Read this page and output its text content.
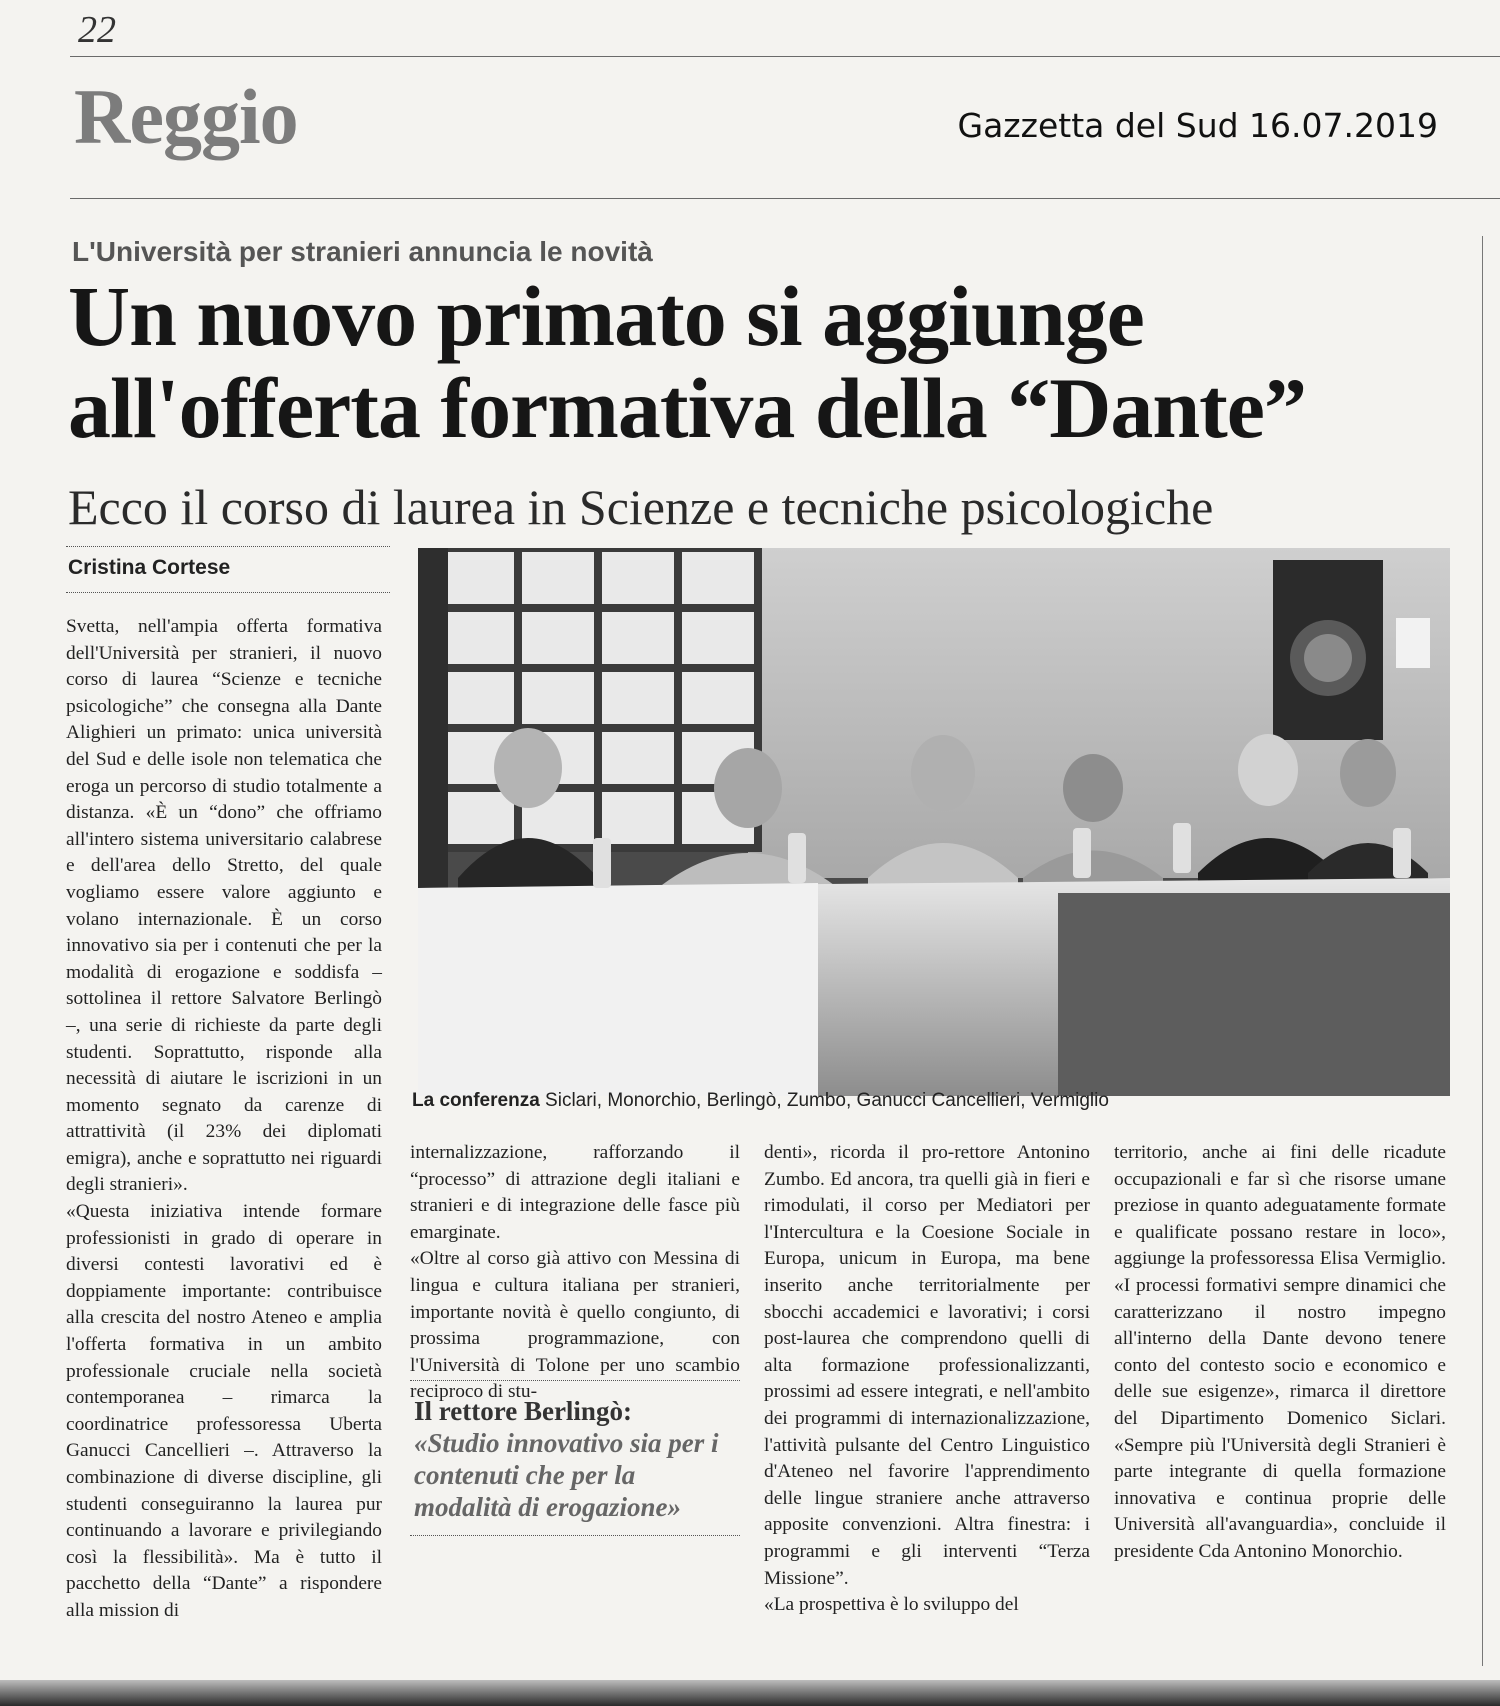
22
Reggio	Gazzetta del Sud 16.07.2019
L'Università per stranieri annuncia le novità
Un nuovo primato si aggiunge
all'offerta formativa della “Dante”
Ecco il corso di laurea in Scienze e tecniche psicologiche
Cristina Cortese
La conferenza Siclari, Monorchio, Berlingò, Zumbo, Ganucci Cancellieri, Vermiglio
Svetta, nell'ampia offerta formativa dell'Università per stranieri, il nuovo corso di laurea “Scienze e tecniche psicologiche” che consegna alla Dante Alighieri un primato: unica università del Sud e delle isole non telematica che eroga un percorso di studio totalmente a distanza. «È un “dono” che offriamo all'intero sistema universitario calabrese e dell'area dello Stretto, del quale vogliamo essere valore aggiunto e volano internazionale. È un corso innovativo sia per i contenuti che per la modalità di erogazione e soddisfa – sottolinea il rettore Salvatore Berlingò –, una serie di richieste da parte degli studenti. Soprattutto, risponde alla necessità di aiutare le iscrizioni in un momento segnato da carenze di attrattività (il 23% dei diplomati emigra), anche e soprattutto nei riguardi degli stranieri».
«Questa iniziativa intende formare professionisti in grado di operare in diversi contesti lavorativi ed è doppiamente importante: contribuisce alla crescita del nostro Ateneo e amplia l'offerta formativa in un ambito professionale cruciale nella società contemporanea – rimarca la coordinatrice professoressa Uberta Ganucci Cancellieri –. Attraverso la combinazione di diverse discipline, gli studenti conseguiranno la laurea pur continuando a lavorare e privilegiando così la flessibilità». Ma è tutto il pacchetto della “Dante” a rispondere alla mission di
internalizzazione, rafforzando il “processo” di attrazione degli italiani e stranieri e di integrazione delle fasce più emarginate.
«Oltre al corso già attivo con Messina di lingua e cultura italiana per stranieri, importante novità è quello congiunto, di prossima programmazione, con l'Università di Tolone per uno scambio reciproco di stu-
denti», ricorda il pro-rettore Antonino Zumbo. Ed ancora, tra quelli già in fieri e rimodulati, il corso per Mediatori per l'Intercultura e la Coesione Sociale in Europa, unicum in Europa, ma bene inserito anche territorialmente per sbocchi accademici e lavorativi; i corsi post-laurea che comprendono quelli di alta formazione professionalizzanti, prossimi ad essere integrati, e nell'ambito dei programmi di internazionalizzazione, l'attività pulsante del Centro Linguistico d'Ateneo nel favorire l'apprendimento delle lingue straniere anche attraverso apposite convenzioni. Altra finestra: i programmi e gli interventi “Terza Missione”.
«La prospettiva è lo sviluppo del
territorio, anche ai fini delle ricadute occupazionali e far sì che risorse umane preziose in quanto adeguatamente formate e qualificate possano restare in loco», aggiunge la professoressa Elisa Vermiglio. «I processi formativi sempre dinamici che caratterizzano il nostro impegno all'interno della Dante devono tenere conto del contesto socio e economico e delle sue esigenze», rimarca il direttore del Dipartimento Domenico Siclari. «Sempre più l'Università degli Stranieri è parte integrante di quella formazione innovativa e continua proprie delle Università all'avanguardia», concluide il presidente Cda Antonino Monorchio.
Il rettore Berlingò:
«Studio innovativo sia per i contenuti che per la modalità di erogazione»
